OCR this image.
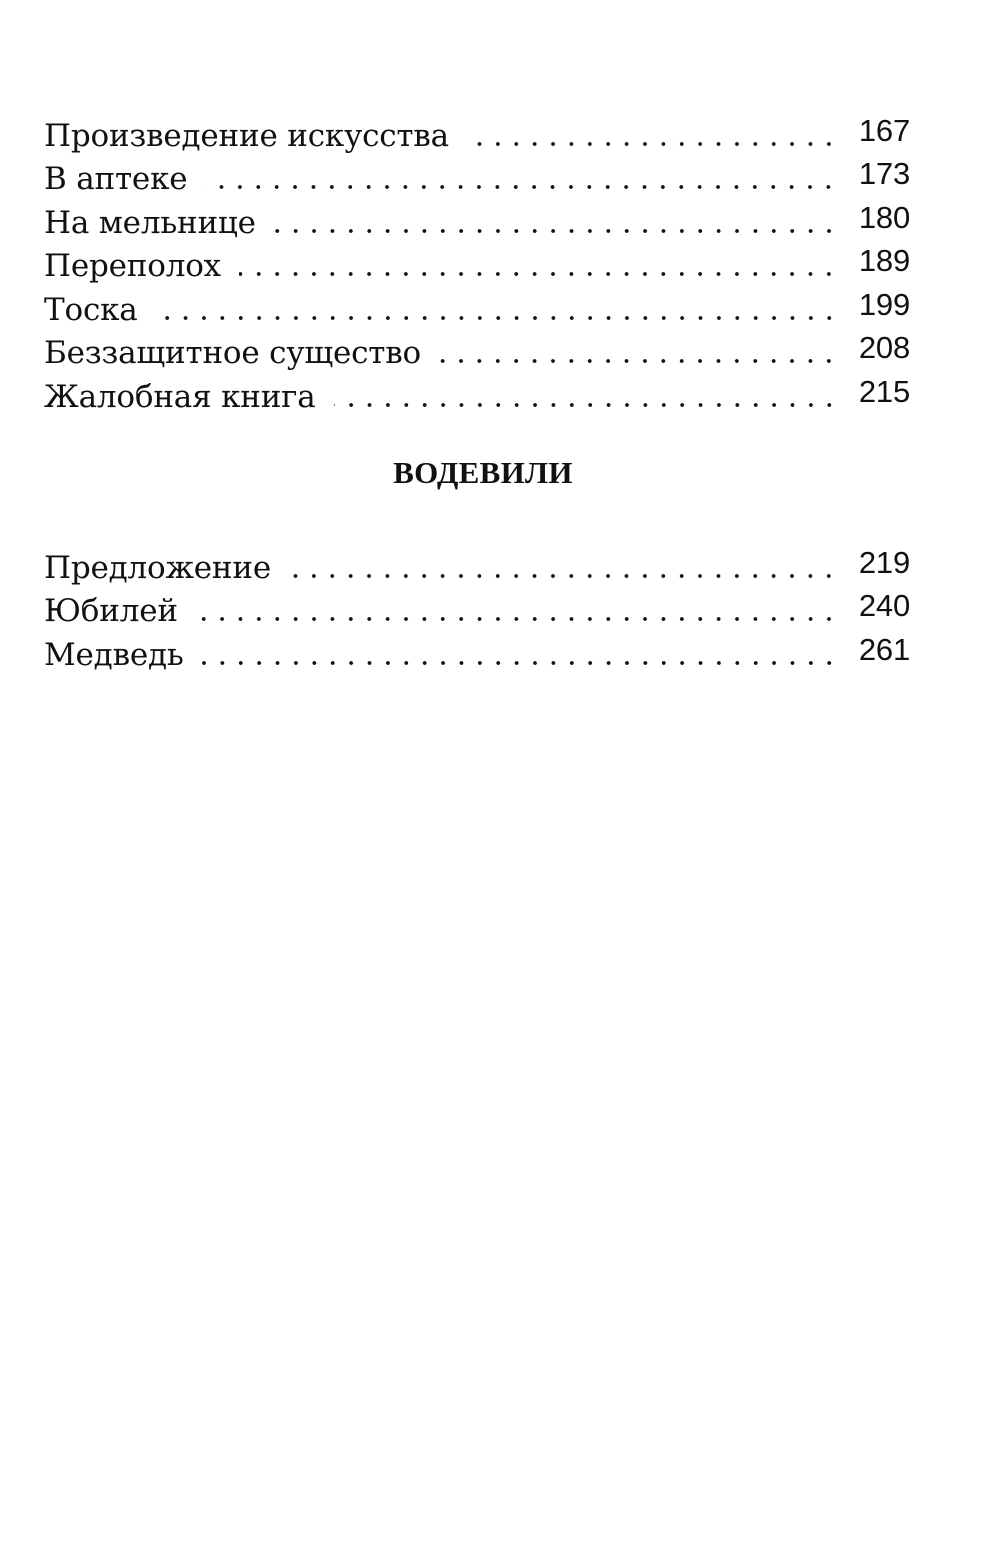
Произведение искусства	167
В аптеке	173
На мельнице	180
Переполох	189
Тоска	199
Беззащитное существо	208
Жалобная книга	215
ВОДЕВИЛИ
Предложение	219
Юбилей	240
Медведь	261
